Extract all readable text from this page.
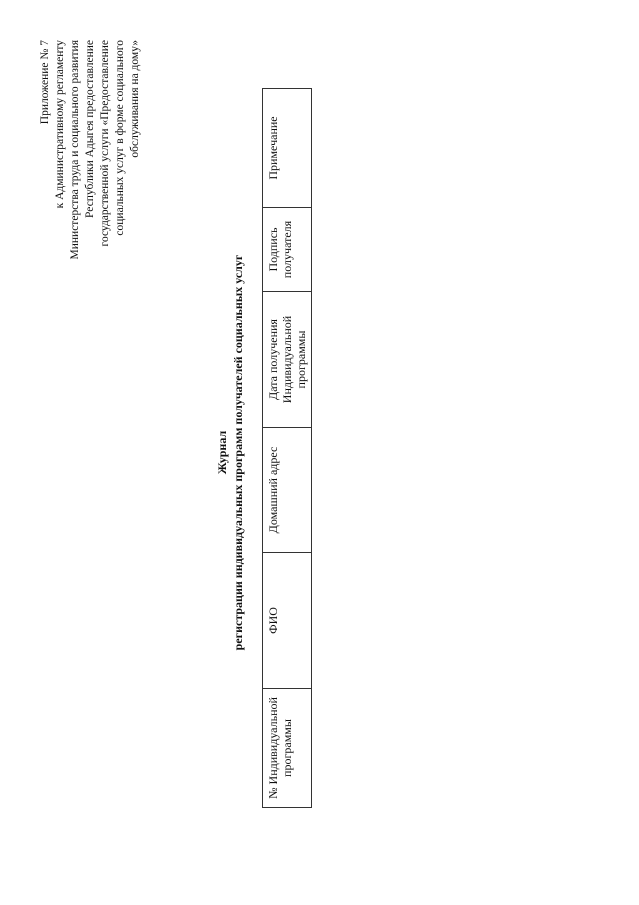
Приложение № 7 к Административному регламенту Министерства труда и социального развития Республики Адыгея предоставление государственной услуги «Предоставление социальных услуг в форме социального обслуживания на дому»
Журнал регистрации индивидуальных программ получателей социальных услуг
№ Индивидуальной программы	ФИО	Домашний адрес	Дата получения Индивидуальной программы	Подпись получателя	Примечание
